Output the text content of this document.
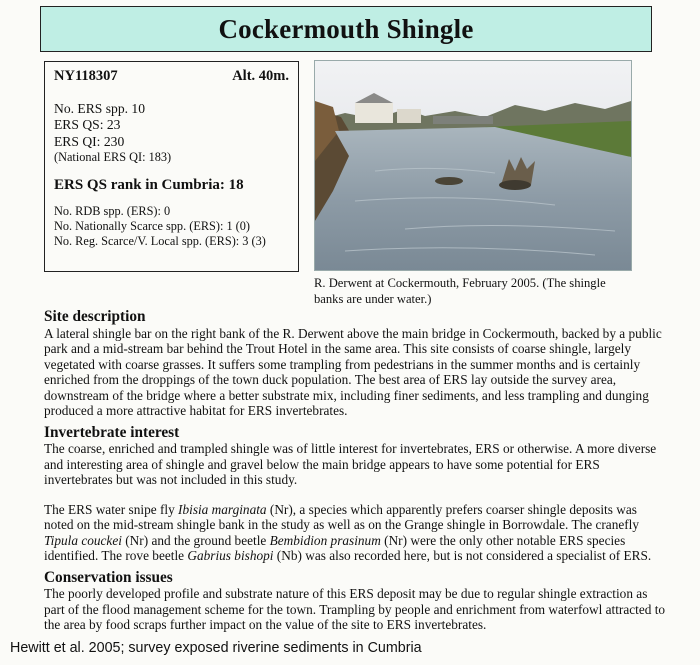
Cockermouth Shingle
NY118307	Alt. 40m.
No. ERS spp. 10
ERS QS: 23
ERS QI: 230
(National ERS QI: 183)
ERS QS rank in Cumbria: 18
No. RDB spp. (ERS): 0
No. Nationally Scarce spp. (ERS): 1 (0)
No. Reg. Scarce/V. Local spp. (ERS): 3 (3)
R. Derwent at Cockermouth, February 2005. (The shingle banks are under water.)
Site description

A lateral shingle bar on the right bank of the R. Derwent above the main bridge in Cockermouth, backed by a public park and a mid-stream bar behind the Trout Hotel in the same area. This site consists of coarse shingle, largely vegetated with coarse grasses. It suffers some trampling from pedestrians in the summer months and is certainly enriched from the droppings of the town duck population. The best area of ERS lay outside the survey area, downstream of the bridge where a better substrate mix, including finer sediments, and less trampling and dunging produced a more attractive habitat for ERS invertebrates.

Invertebrate interest

The coarse, enriched and trampled shingle was of little interest for invertebrates, ERS or otherwise. A more diverse and interesting area of shingle and gravel below the main bridge appears to have some potential for ERS invertebrates but was not included in this study.

The ERS water snipe fly Ibisia marginata (Nr), a species which apparently prefers coarser shingle deposits was noted on the mid-stream shingle bank in the study as well as on the Grange shingle in Borrowdale. The cranefly Tipula couckei (Nr) and the ground beetle Bembidion prasinum (Nr) were the only other notable ERS species identified. The rove beetle Gabrius bishopi (Nb) was also recorded here, but is not considered a specialist of ERS.

Conservation issues

The poorly developed profile and substrate nature of this ERS deposit may be due to regular shingle extraction as part of the flood management scheme for the town. Trampling by people and enrichment from waterfowl attracted to the area by food scraps further impact on the value of the site to ERS invertebrates.

Hewitt et al. 2005; survey exposed riverine sediments in Cumbria
